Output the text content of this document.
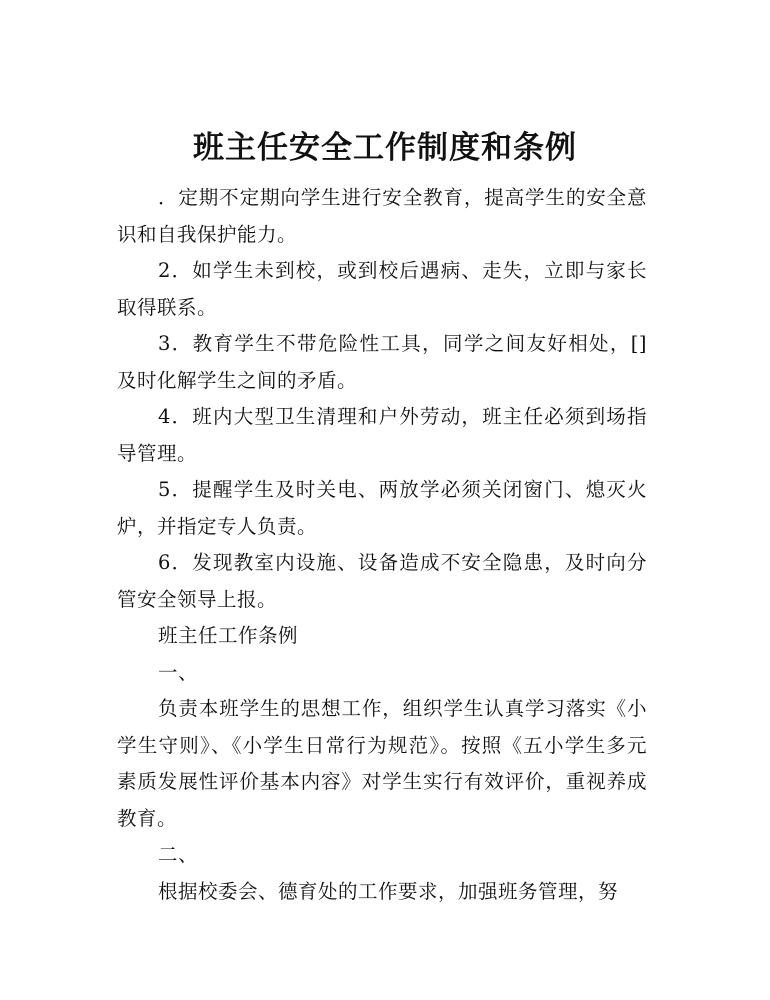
班主任安全工作制度和条例

．定期不定期向学生进行安全教育，提高学生的安全意识和自我保护能力。

2．如学生未到校，或到校后遇病、走失，立即与家长取得联系。

3．教育学生不带危险性工具，同学之间友好相处，[]及时化解学生之间的矛盾。

4．班内大型卫生清理和户外劳动，班主任必须到场指导管理。

5．提醒学生及时关电、两放学必须关闭窗门、熄灭火炉，并指定专人负责。

6．发现教室内设施、设备造成不安全隐患，及时向分管安全领导上报。

班主任工作条例

一、

负责本班学生的思想工作，组织学生认真学习落实《小学生守则》、《小学生日常行为规范》。按照《五小学生多元素质发展性评价基本内容》对学生实行有效评价，重视养成教育。

二、

根据校委会、德育处的工作要求，加强班务管理，努
